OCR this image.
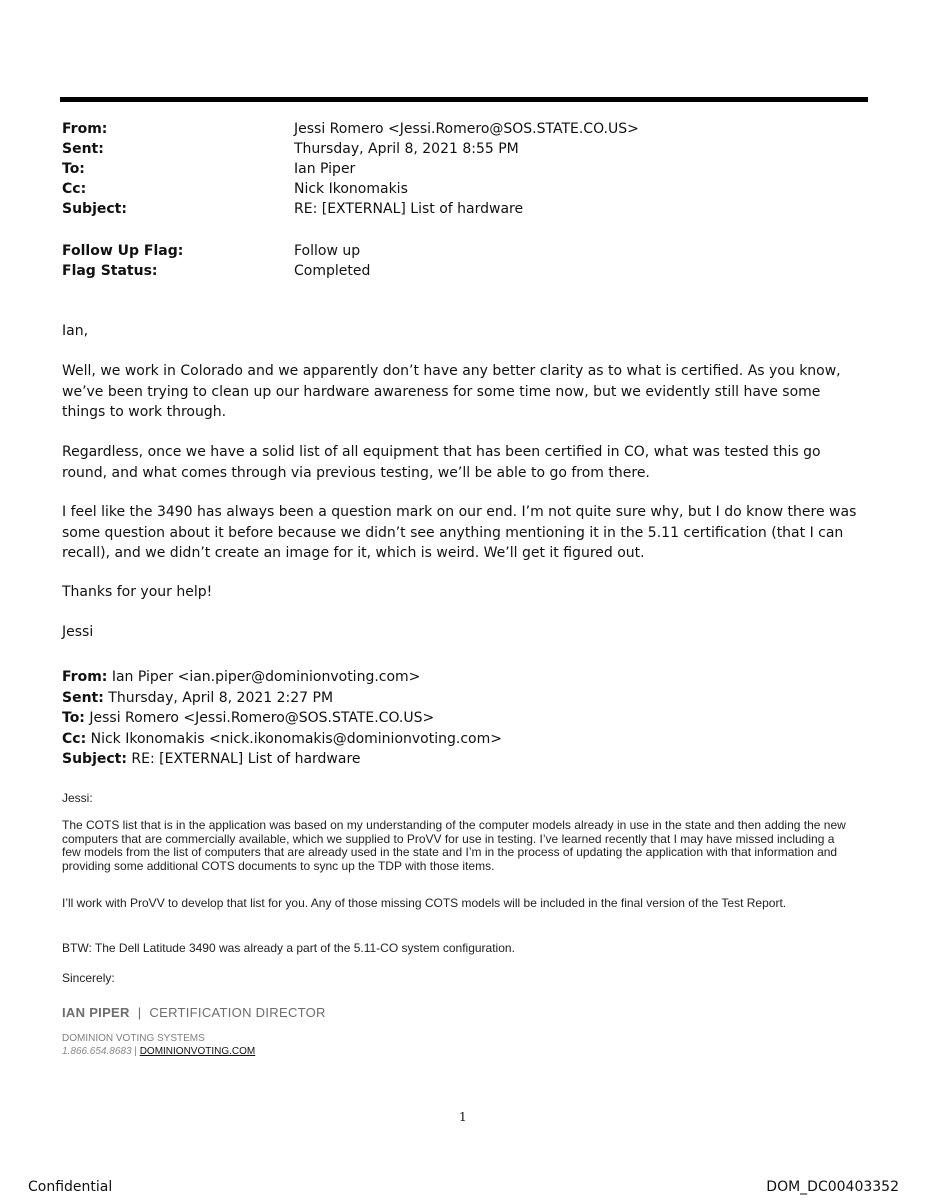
From:	Jessi Romero <Jessi.Romero@SOS.STATE.CO.US>
Sent:	Thursday, April 8, 2021 8:55 PM
To:	Ian Piper
Cc:	Nick Ikonomakis
Subject:	RE: [EXTERNAL] List of hardware
Follow Up Flag:	Follow up
Flag Status:	Completed

Ian,

Well, we work in Colorado and we apparently don’t have any better clarity as to what is certified. As you know, we’ve been trying to clean up our hardware awareness for some time now, but we evidently still have some things to work through.

Regardless, once we have a solid list of all equipment that has been certified in CO, what was tested this go round, and what comes through via previous testing, we’ll be able to go from there.

I feel like the 3490 has always been a question mark on our end. I’m not quite sure why, but I do know there was some question about it before because we didn’t see anything mentioning it in the 5.11 certification (that I can recall), and we didn’t create an image for it, which is weird. We’ll get it figured out.

Thanks for your help!

Jessi

From: Ian Piper <ian.piper@dominionvoting.com>
Sent: Thursday, April 8, 2021 2:27 PM
To: Jessi Romero <Jessi.Romero@SOS.STATE.CO.US>
Cc: Nick Ikonomakis <nick.ikonomakis@dominionvoting.com>
Subject: RE: [EXTERNAL] List of hardware

Jessi:

The COTS list that is in the application was based on my understanding of the computer models already in use in the state and then adding the new computers that are commercially available, which we supplied to ProVV for use in testing. I’ve learned recently that I may have missed including a few models from the list of computers that are already used in the state and I’m in the process of updating the application with that information and providing some additional COTS documents to sync up the TDP with those items.

I’ll work with ProVV to develop that list for you. Any of those missing COTS models will be included in the final version of the Test Report.

BTW: The Dell Latitude 3490 was already a part of the 5.11-CO system configuration.

Sincerely:

IAN PIPER | CERTIFICATION DIRECTOR
DOMINION VOTING SYSTEMS
1.866.654.8683 | DOMINIONVOTING.COM
1
Confidential	DOM_DC00403352
